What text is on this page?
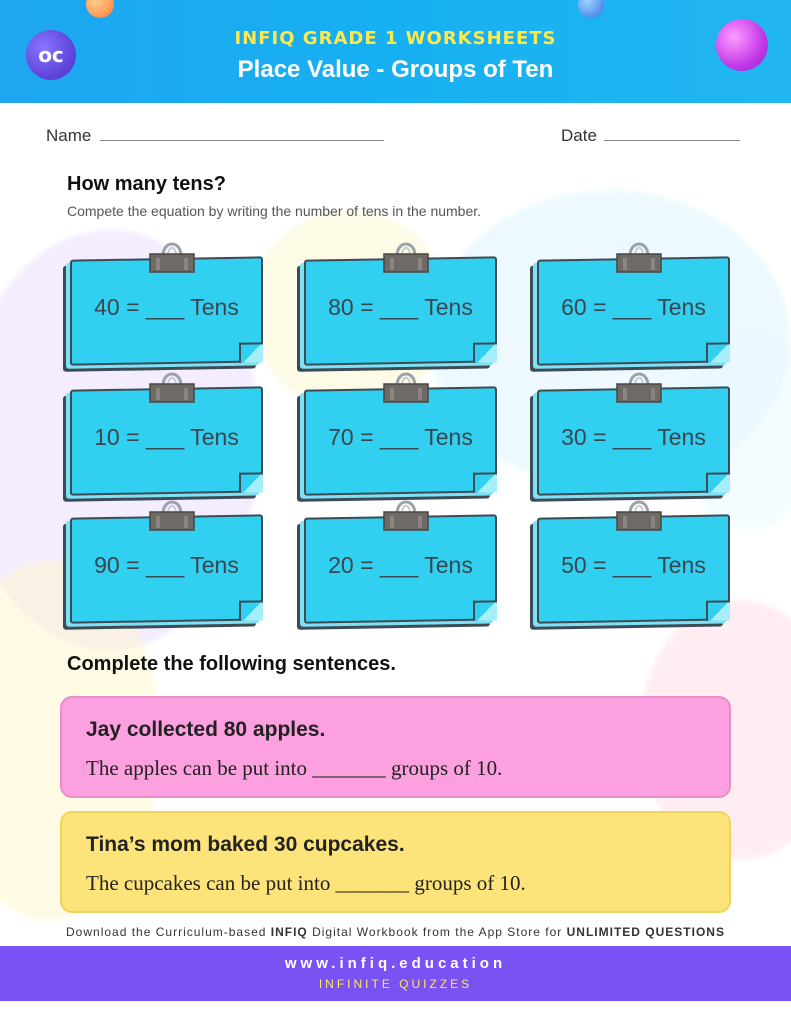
oc
INFIQ GRADE 1 WORKSHEETS
Place Value - Groups of Ten
Name	Date
How many tens?
Compete the equation by writing the number of tens in the number.
40 = ___ Tens	80 = ___ Tens	60 = ___ Tens
10 = ___ Tens	70 = ___ Tens	30 = ___ Tens
90 = ___ Tens	20 = ___ Tens	50 = ___ Tens
Complete the following sentences.
Jay collected 80 apples.
The apples can be put into _______ groups of 10.
Tina’s mom baked 30 cupcakes.
The cupcakes can be put into _______ groups of 10.
Download the Curriculum-based INFIQ Digital Workbook from the App Store for UNLIMITED QUESTIONS
www.infiq.education
INFINITE QUIZZES
